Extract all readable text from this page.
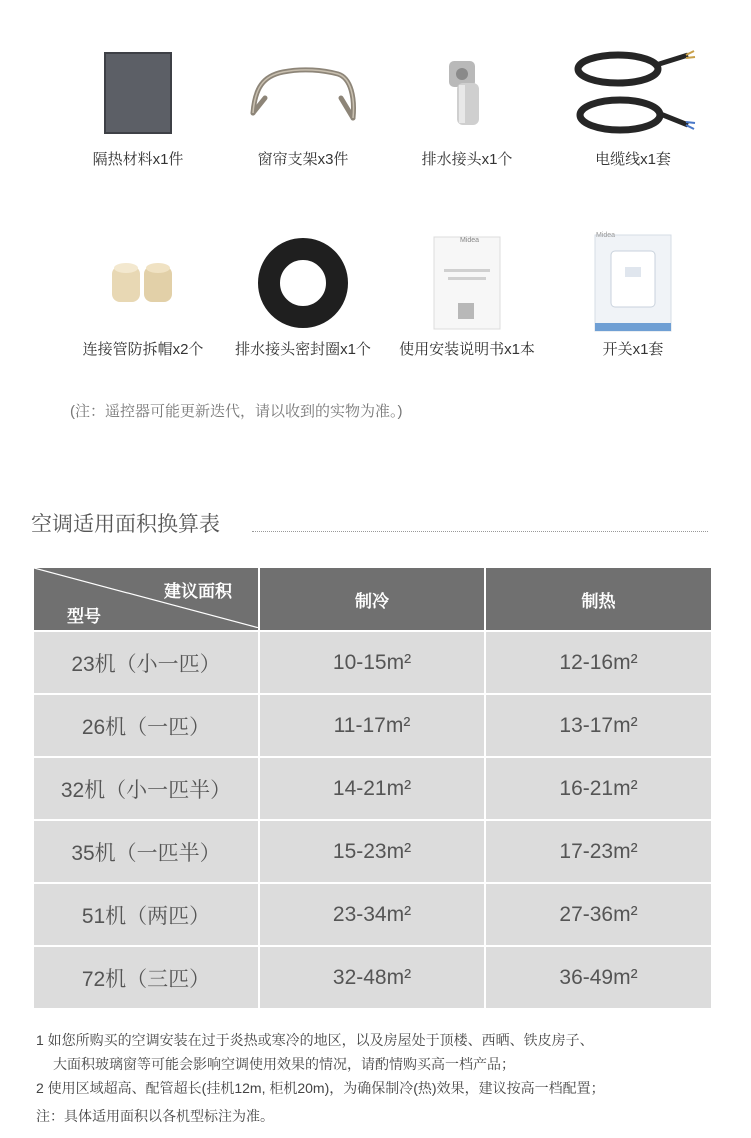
隔热材料x1件	窗帘支架x3件	排水接头x1个	电缆线x1套
连接管防拆帽x2个	排水接头密封圈x1个
Midea
使用安装说明书x1本
Midea
开关x1套
(注：遥控器可能更新迭代，请以收到的实物为准。)
空调适用面积换算表
建议面积
型号	制冷	制热
23机（小一匹）	10-15m²	12-16m²
26机（一匹）	11-17m²	13-17m²
32机（小一匹半）	14-21m²	16-21m²
35机（一匹半）	15-23m²	17-23m²
51机（两匹）	23-34m²	27-36m²
72机（三匹）	32-48m²	36-49m²
1 如您所购买的空调安装在过于炎热或寒冷的地区，以及房屋处于顶楼、西晒、铁皮房子、
大面积玻璃窗等可能会影响空调使用效果的情况，请酌情购买高一档产品；
2 使用区域超高、配管超长(挂机12m, 柜机20m)，为确保制冷(热)效果，建议按高一档配置；
注：具体适用面积以各机型标注为准。
